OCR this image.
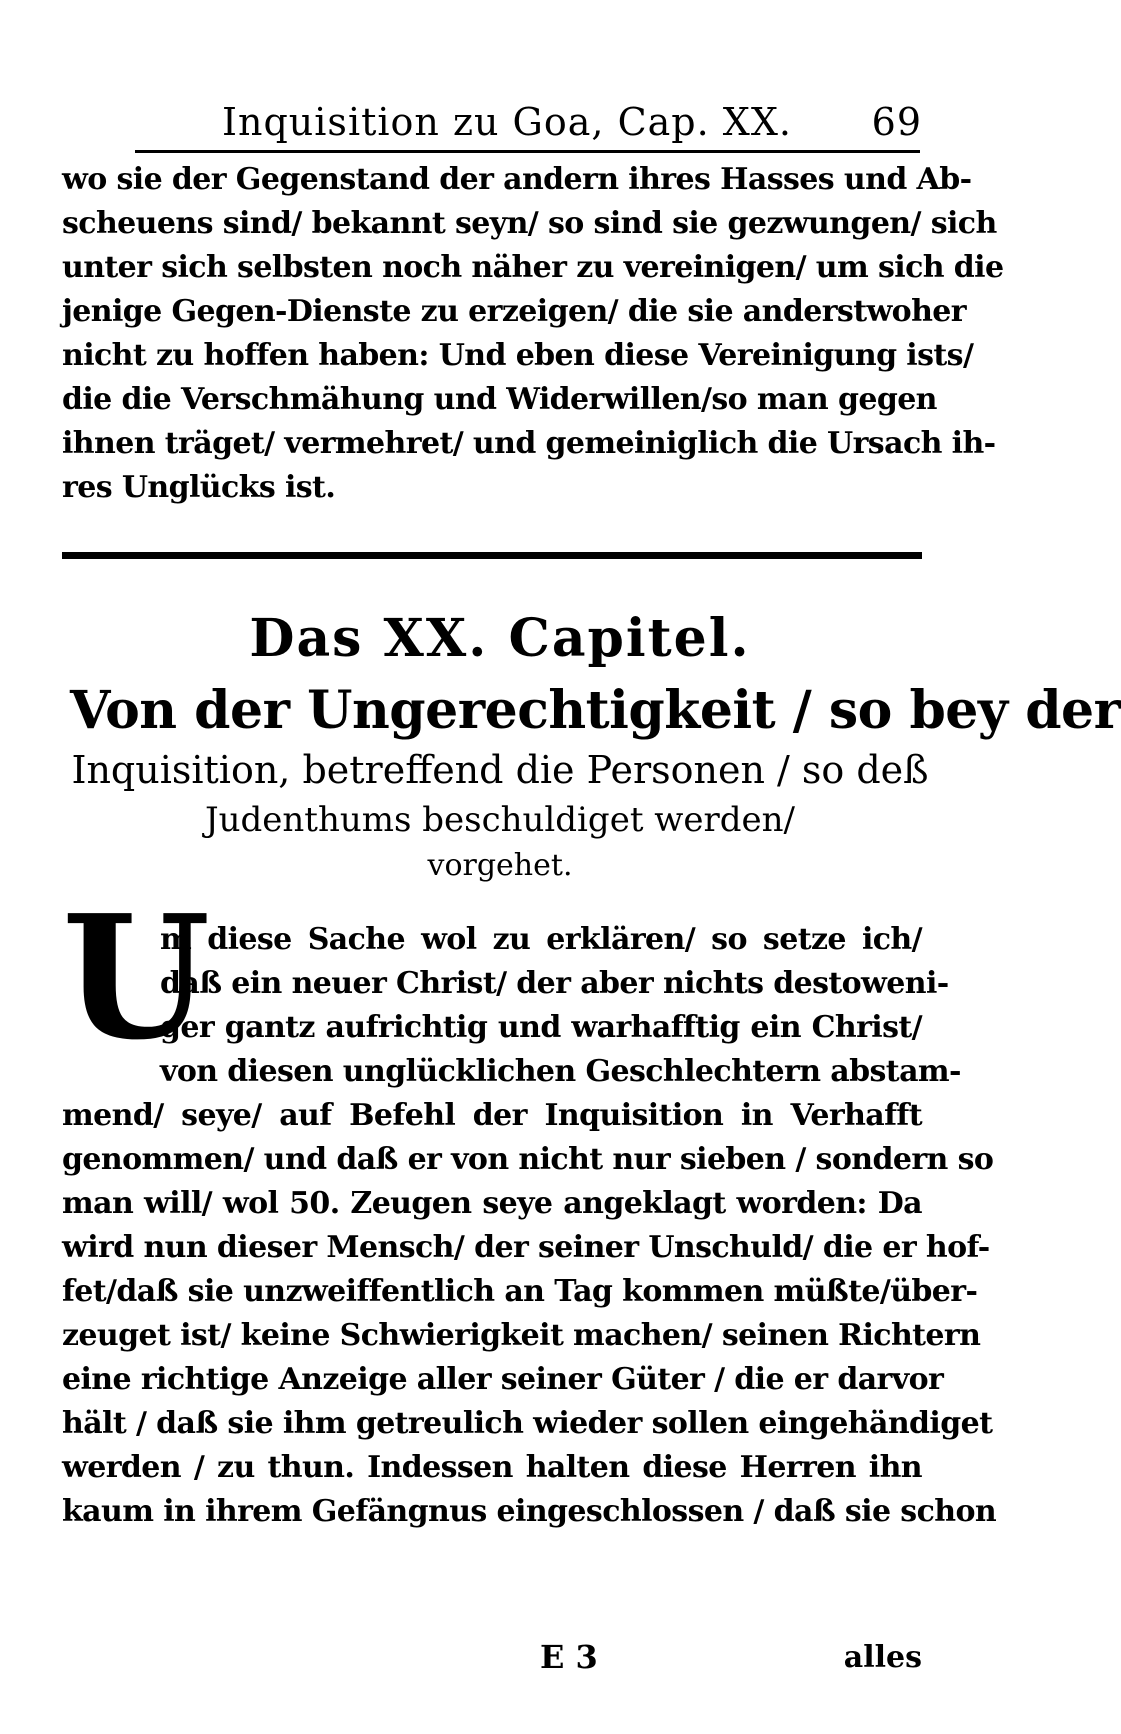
Inquisition zu Goa, Cap. XX. 69
wo sie der Gegenstand der andern ihres Hasses und Ab-
scheuens sind/ bekannt seyn/ so sind sie gezwungen/ sich
unter sich selbsten noch näher zu vereinigen/ um sich die
jenige Gegen-Dienste zu erzeigen/ die sie anderstwoher
nicht zu hoffen haben: Und eben diese Vereinigung ists/
die die Verschmähung und Widerwillen/so man gegen
ihnen träget/ vermehret/ und gemeiniglich die Ursach ih-
res Unglücks ist.
Das XX. Capitel.
Von der Ungerechtigkeit / so bey der
Inquisition, betreffend die Personen / so deß
Judenthums beschuldiget werden/
vorgehet.
U
m diese Sache wol zu erklären/ so setze ich/
daß ein neuer Christ/ der aber nichts destoweni-
ger gantz aufrichtig und warhafftig ein Christ/
von diesen unglücklichen Geschlechtern abstam-
mend/ seye/ auf Befehl der Inquisition in Verhafft
genommen/ und daß er von nicht nur sieben / sondern so
man will/ wol 50. Zeugen seye angeklagt worden: Da
wird nun dieser Mensch/ der seiner Unschuld/ die er hof-
fet/daß sie unzweiffentlich an Tag kommen müßte/über-
zeuget ist/ keine Schwierigkeit machen/ seinen Richtern
eine richtige Anzeige aller seiner Güter / die er darvor
hält / daß sie ihm getreulich wieder sollen eingehändiget
werden / zu thun. Indessen halten diese Herren ihn
kaum in ihrem Gefängnus eingeschlossen / daß sie schon
E 3	alles
